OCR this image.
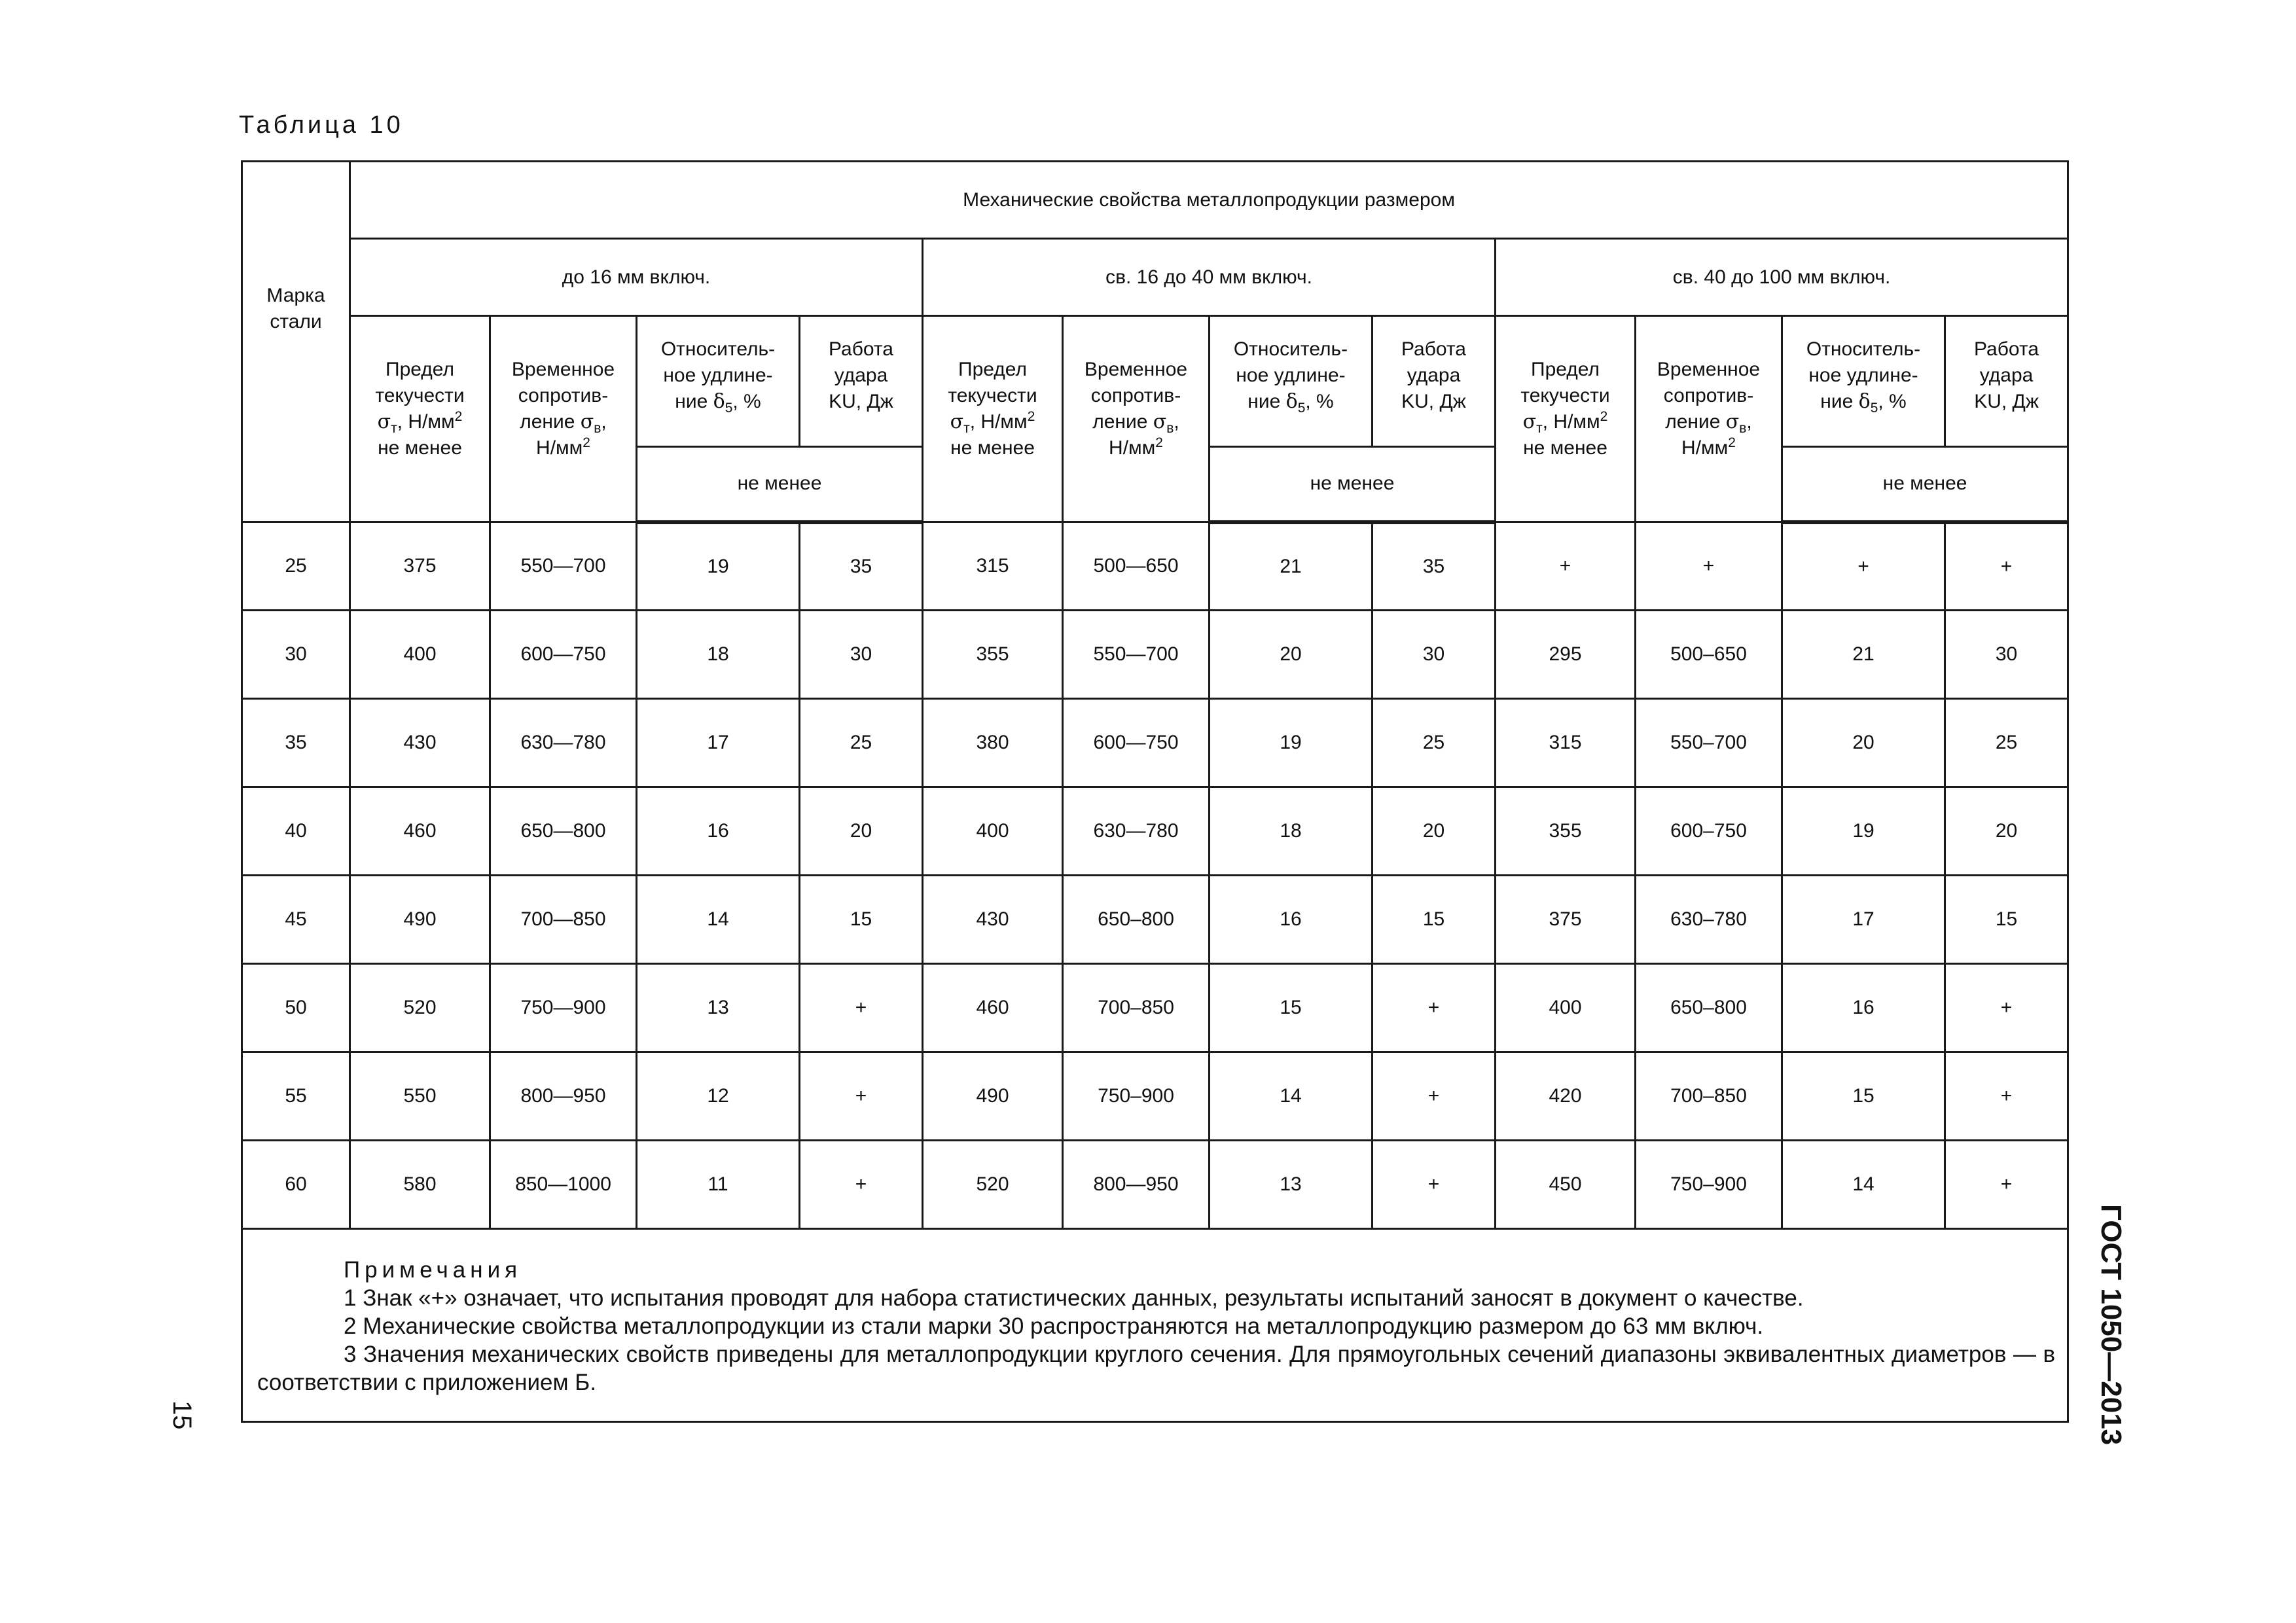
Таблица 10
Марка стали	Механические свойства металлопродукции размером											
	до 16 мм включ.				св. 16 до 40 мм включ.				св. 40 до 100 мм включ.			
	Предел
текучести
$\sigma_т$, $Н/мм^2$
не менее	Временное
сопротив-
ление $\sigma_в$,
$Н/мм^2$	Относитель-
ное удлине-
ние $\delta_5$, %	Работа
удара
KU, Дж	Предел
текучести
$\sigma_т$, $Н/мм^2$
не менее	Временное
сопротив-
ление $\sigma_в$,
$Н/мм^2$	Относитель-
ное удлине-
ние $\delta_5$, %	Работа
удара
KU, Дж	Предел
текучести
$\sigma_т$, $Н/мм^2$
не менее	Временное
сопротив-
ление $\sigma_в$,
$Н/мм^2$	Относитель-
ное удлине-
ние $\delta_5$, %	Работа
удара
KU, Дж
			не менее				не менее				не менее	
25	375	550—700	19	35	315	500—650	21	35	+	+	+	+
30	400	600—750	18	30	355	550—700	20	30	295	500–650	21	30
35	430	630—780	17	25	380	600—750	19	25	315	550–700	20	25
40	460	650—800	16	20	400	630—780	18	20	355	600–750	19	20
45	490	700—850	14	15	430	650–800	16	15	375	630–780	17	15
50	520	750—900	13	+	460	700–850	15	+	400	650–800	16	+
55	550	800—950	12	+	490	750–900	14	+	420	700–850	15	+
60	580	850—1000	11	+	520	800—950	13	+	450	750–900	14	+

Примечания
1 Знак «+» означает, что испытания проводят для набора статистических данных, результаты испытаний заносят в документ о качестве.
2 Механические свойства металлопродукции из стали марки 30 распространяются на металлопродукцию размером до 63 мм включ.
3 Значения механических свойств приведены для металлопродукции круглого сечения. Для прямоугольных сечений диапазоны эквивалентных диаметров — в соответствии с приложением Б.													ГОСТ 1050—2013
15
